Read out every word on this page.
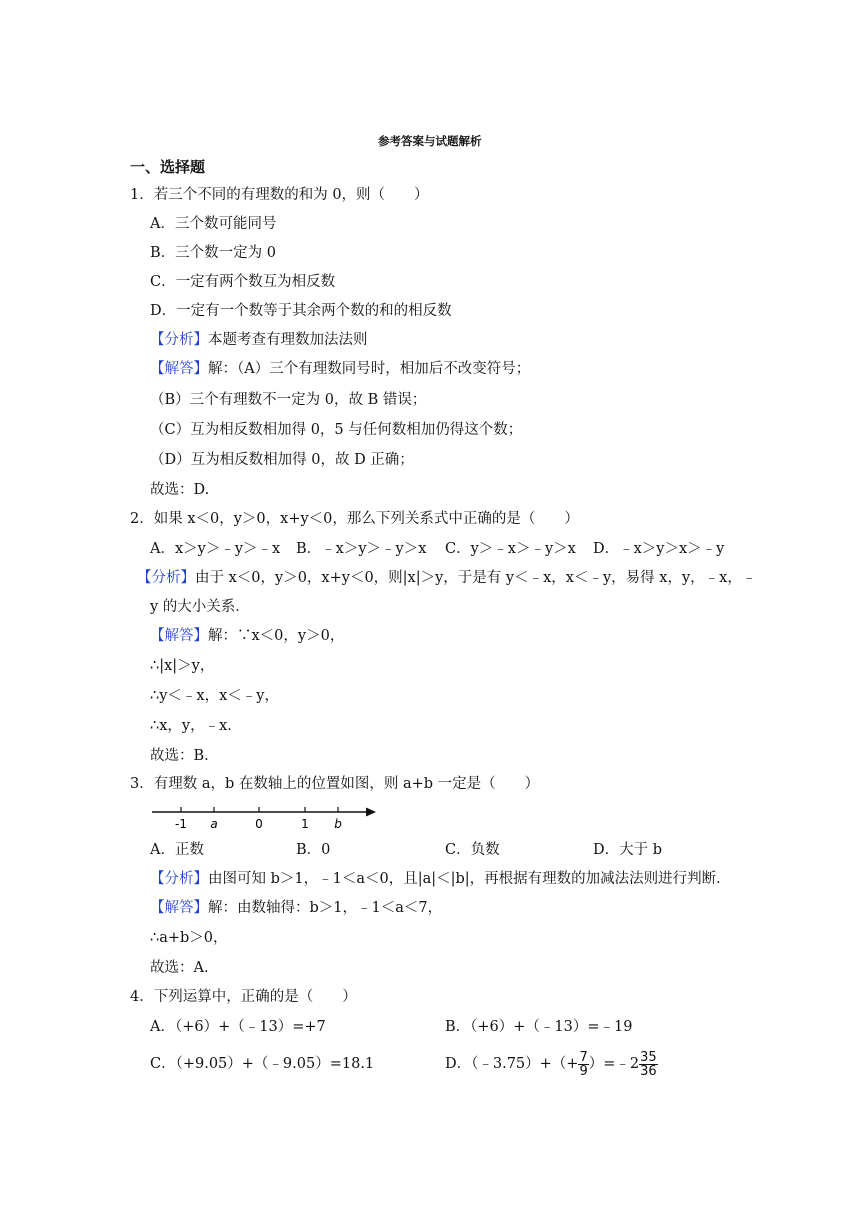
参考答案与试题解析
一、选择题
1．若三个不同的有理数的和为 0，则（　　）
A．三个数可能同号
B．三个数一定为 0
C．一定有两个数互为相反数
D．一定有一个数等于其余两个数的和的相反数
【分析】本题考查有理数加法法则
【解答】解：（A）三个有理数同号时，相加后不改变符号；
（B）三个有理数不一定为 0，故 B 错误；
（C）互为相反数相加得 0，5 与任何数相加仍得这个数；
（D）互为相反数相加得 0，故 D 正确；
故选：D.
2．如果 x＜0，y＞0，x+y＜0，那么下列关系式中正确的是（　　）
A．x＞y＞﹣y＞﹣x B．﹣x＞y＞﹣y＞x C．y＞﹣x＞﹣y＞x D．﹣x＞y＞x＞﹣y
【分析】由于 x＜0，y＞0，x+y＜0，则|x|＞y，于是有 y＜﹣x，x＜﹣y，易得 x，y，﹣x，﹣
y 的大小关系．
【解答】解：∵x＜0，y＞0，
∴|x|＞y，
∴y＜﹣x，x＜﹣y，
∴x，y，﹣x．
故选：B.
3．有理数 a，b 在数轴上的位置如图，则 a+b 一定是（　　）
-1 a	0	1 b
A．正数	B．0	C．负数	D．大于 b
【分析】由图可知 b＞1，﹣1＜a＜0，且|a|＜|b|，再根据有理数的加减法法则进行判断．
【解答】解：由数轴得：b＞1，﹣1＜a＜7，
∴a+b＞0，
故选：A.
4．下列运算中，正确的是（　　）
A．（+6）+（﹣13）=+7	B．（+6）+（﹣13）=﹣19
C．（+9.05）+（﹣9.05）=18.1	D．（﹣3.75）+（+ $\frac{7}{9}$ ）=﹣2 $\frac{35}{36}$
